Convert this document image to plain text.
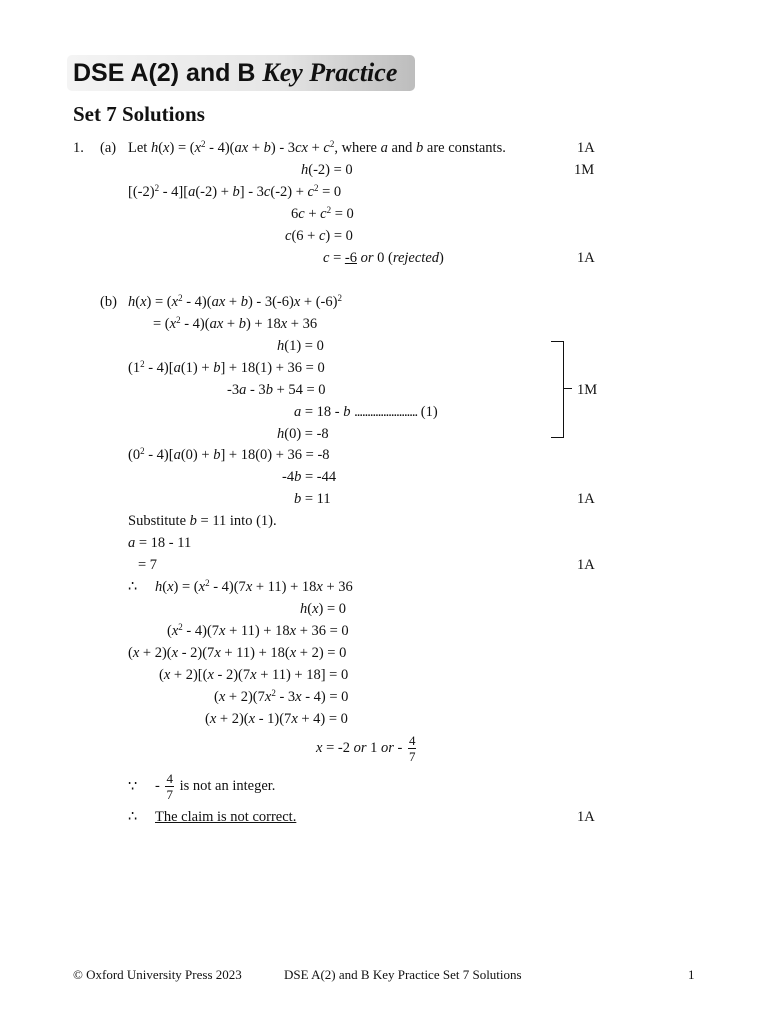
DSE A(2) and B Key Practice
Set 7 Solutions
1. (a) Let $h(x) = (x^2 - 4)(ax + b) - 3cx + c^2$, where a and b are constants.	1A
h(-2) = 0	1M
$[(-2)^2 - 4][a(-2) + b] - 3c(-2) + c^2 = 0$
$6c + c^2 = 0$
c(6 + c) = 0
c = -6 or 0 (rejected)	1A
(b) $h(x) = (x^2 - 4)(ax + b) - 3(-6)x + (-6)^2$
= $(x^2 - 4)(ax + b) + 18x + 36$
h(1) = 0
$(1^2 - 4)[a(1) + b] + 18(1) + 36 = 0$
-3a - 3b + 54 = 0
a = 18 - b ........................ (1)
h(0) = -8
1M
$(0^2 - 4)[a(0) + b] + 18(0) + 36 = -8$
-4b = -44
b = 11	1A
Substitute b = 11 into (1).
a = 18 - 11
= 7	1A
∴ $h(x) = (x^2 - 4)(7x + 11) + 18x + 36$
h(x) = 0
$(x^2 - 4)(7x + 11) + 18x + 36 = 0$
(x + 2)(x - 2)(7x + 11) + 18(x + 2) = 0
(x + 2)[(x - 2)(7x + 11) + 18] = 0
$(x + 2)(7x^2 - 3x - 4) = 0$
(x + 2)(x - 1)(7x + 4) = 0
x = -2 or 1 or - $\frac{4}{7}$
∵ - $\frac{4}{7}$ is not an integer.
∴ The claim is not correct.	1A
© Oxford University Press 2023	DSE A(2) and B Key Practice Set 7 Solutions	1
